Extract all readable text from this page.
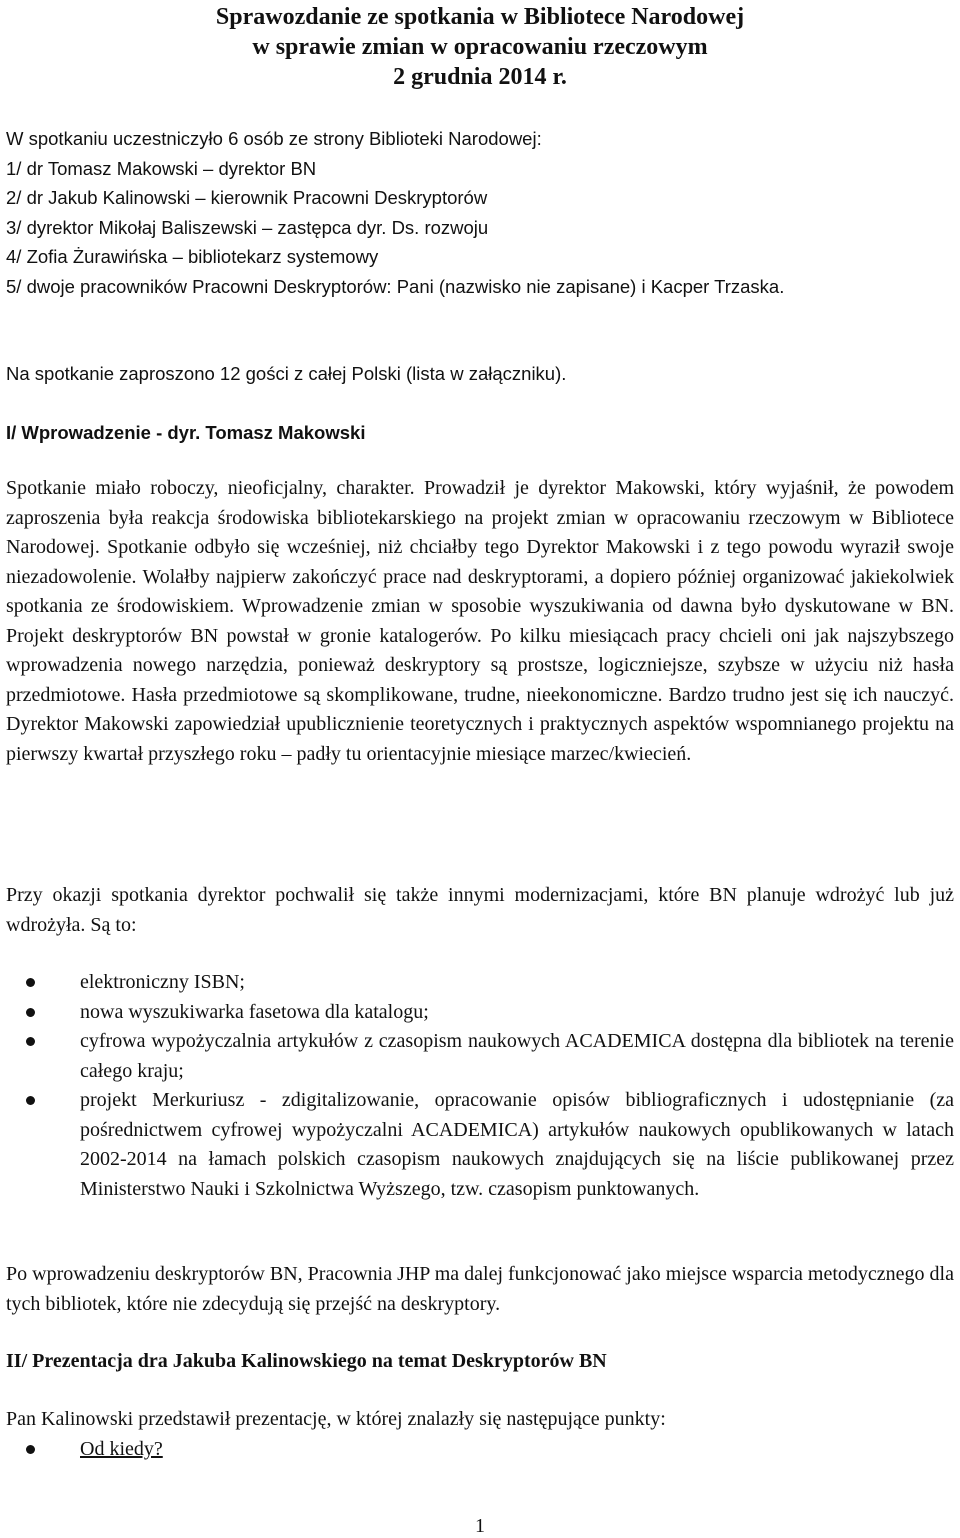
Sprawozdanie ze spotkania w Bibliotece Narodowej
w sprawie zmian w opracowaniu rzeczowym
2 grudnia 2014 r.
W spotkaniu uczestniczyło 6 osób ze strony Biblioteki Narodowej:
1/ dr Tomasz Makowski – dyrektor BN
2/ dr Jakub Kalinowski – kierownik Pracowni Deskryptorów
3/ dyrektor Mikołaj Baliszewski – zastępca dyr. Ds. rozwoju
4/ Zofia Żurawińska – bibliotekarz systemowy
5/ dwoje pracowników Pracowni Deskryptorów: Pani (nazwisko nie zapisane) i Kacper Trzaska.
Na spotkanie zaproszono 12 gości z całej Polski (lista w załączniku).
I/ Wprowadzenie - dyr. Tomasz Makowski
Spotkanie miało roboczy, nieoficjalny, charakter. Prowadził je dyrektor Makowski, który wyjaśnił, że powodem zaproszenia była reakcja środowiska bibliotekarskiego na projekt zmian w opracowaniu rzeczowym w Bibliotece Narodowej. Spotkanie odbyło się wcześniej, niż chciałby tego Dyrektor Makowski i z tego powodu wyraził swoje niezadowolenie. Wolałby najpierw zakończyć prace nad deskryptorami, a dopiero później organizować jakiekolwiek spotkania ze środowiskiem. Wprowadzenie zmian w sposobie wyszukiwania od dawna było dyskutowane w BN. Projekt deskryptorów BN powstał w gronie katalogerów. Po kilku miesiącach pracy chcieli oni jak najszybszego wprowadzenia nowego narzędzia, ponieważ deskryptory są prostsze, logiczniejsze, szybsze w użyciu niż hasła przedmiotowe. Hasła przedmiotowe są skomplikowane, trudne, nieekonomiczne. Bardzo trudno jest się ich nauczyć. Dyrektor Makowski zapowiedział upublicznienie teoretycznych i praktycznych aspektów wspomnianego projektu na pierwszy kwartał przyszłego roku – padły tu orientacyjnie miesiące marzec/kwiecień.
Przy okazji spotkania dyrektor pochwalił się także innymi modernizacjami, które BN planuje wdrożyć lub już wdrożyła. Są to:
elektroniczny ISBN;
nowa wyszukiwarka fasetowa dla katalogu;
cyfrowa wypożyczalnia artykułów z czasopism naukowych ACADEMICA dostępna dla bibliotek na terenie całego kraju;
projekt Merkuriusz - zdigitalizowanie, opracowanie opisów bibliograficznych i udostępnianie (za pośrednictwem cyfrowej wypożyczalni ACADEMICA) artykułów naukowych opublikowanych w latach 2002-2014 na łamach polskich czasopism naukowych znajdujących się na liście publikowanej przez Ministerstwo Nauki i Szkolnictwa Wyższego, tzw. czasopism punktowanych.
Po wprowadzeniu deskryptorów BN, Pracownia JHP ma dalej funkcjonować jako miejsce wsparcia metodycznego dla tych bibliotek, które nie zdecydują się przejść na deskryptory.
II/ Prezentacja dra Jakuba Kalinowskiego na temat Deskryptorów BN
Pan Kalinowski przedstawił prezentację, w której znalazły się następujące punkty:
Od kiedy?
1
